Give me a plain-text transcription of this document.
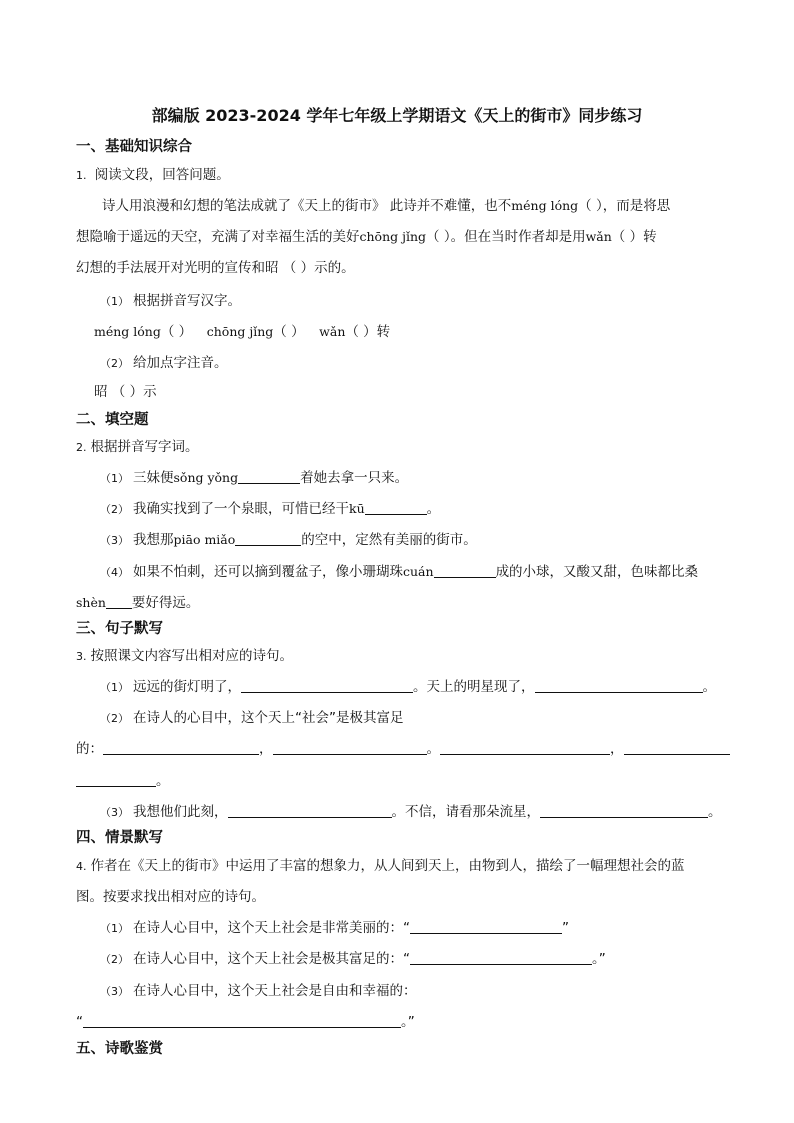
部编版 2023-2024 学年七年级上学期语文《天上的街市》同步练习
一、基础知识综合
1. 阅读文段，回答问题。
诗人用浪漫和幻想的笔法成就了《天上的街市》 此诗并不难懂，也不méng lóng（ ），而是将思
想隐喻于遥远的天空，充满了对幸福生活的美好chōng jǐng（ ）。但在当时作者却是用wǎn（ ）转
幻想的手法展开对光明的宣传和昭 （ ）示的。
（1） 根据拼音写汉字。
méng lóng（ ） chōng jǐng（ ） wǎn（ ）转
（2） 给加点字注音。
昭 （ ）示
二、填空题
2. 根据拼音写字词。
（1） 三妹便sǒng yǒng	着她去拿一只来。
（2） 我确实找到了一个泉眼，可惜已经干kū	。
（3） 我想那piāo miǎo	的空中，定然有美丽的街市。
（4） 如果不怕刺，还可以摘到覆盆子，像小珊瑚珠cuán	成的小球，又酸又甜，色味都比桑
shèn 要好得远。
三、句子默写
3. 按照课文内容写出相对应的诗句。
（1） 远远的街灯明了，	。天上的明星现了，	。
（2） 在诗人的心目中，这个天上“社会”是极其富足
的：	，	。	，
。
（3） 我想他们此刻，	。不信，请看那朵流星，	。
四、情景默写
4. 作者在《天上的街市》中运用了丰富的想象力，从人间到天上，由物到人，描绘了一幅理想社会的蓝
图。按要求找出相对应的诗句。
（1） 在诗人心目中，这个天上社会是非常美丽的：“	”
（2） 在诗人心目中，这个天上社会是极其富足的：“	。”
（3） 在诗人心目中，这个天上社会是自由和幸福的：
“	。”
五、诗歌鉴赏
